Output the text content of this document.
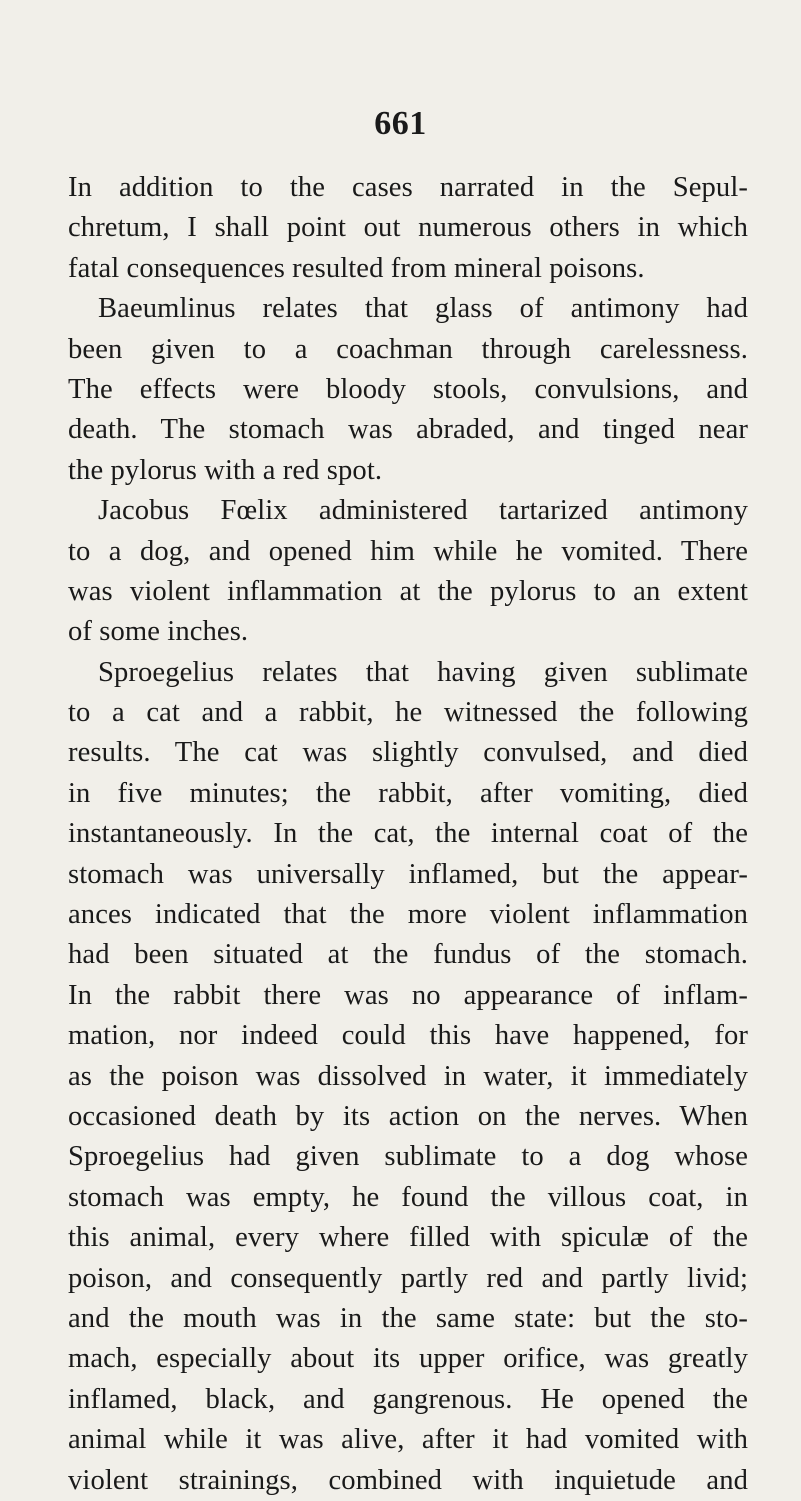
661
In addition to the cases narrated in the Sepul-
chretum, I shall point out numerous others in which
fatal consequences resulted from mineral poisons.
Baeumlinus relates that glass of antimony had
been given to a coachman through carelessness.
The effects were bloody stools, convulsions, and
death. The stomach was abraded, and tinged near
the pylorus with a red spot.
Jacobus Fœlix administered tartarized antimony
to a dog, and opened him while he vomited. There
was violent inflammation at the pylorus to an extent
of some inches.
Sproegelius relates that having given sublimate
to a cat and a rabbit, he witnessed the following
results. The cat was slightly convulsed, and died
in five minutes; the rabbit, after vomiting, died
instantaneously. In the cat, the internal coat of the
stomach was universally inflamed, but the appear-
ances indicated that the more violent inflammation
had been situated at the fundus of the stomach.
In the rabbit there was no appearance of inflam-
mation, nor indeed could this have happened, for
as the poison was dissolved in water, it immediately
occasioned death by its action on the nerves. When
Sproegelius had given sublimate to a dog whose
stomach was empty, he found the villous coat, in
this animal, every where filled with spiculæ of the
poison, and consequently partly red and partly livid;
and the mouth was in the same state: but the sto-
mach, especially about its upper orifice, was greatly
inflamed, black, and gangrenous. He opened the
animal while it was alive, after it had vomited with
violent strainings, combined with inquietude and
